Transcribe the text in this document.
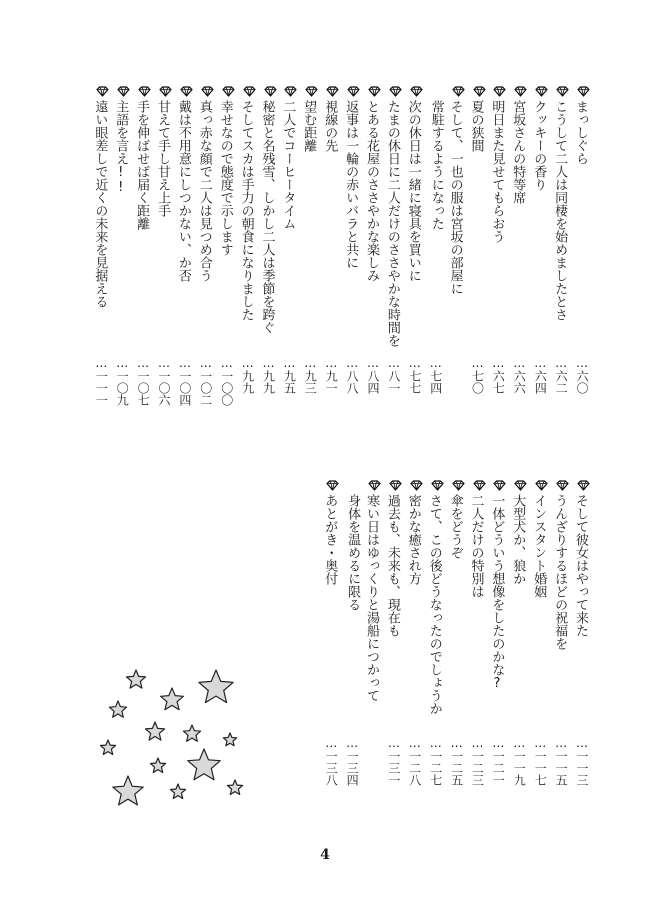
まっしぐら
…六〇
こうして二人は同棲を始めましたとさ
…六二
クッキーの香り
…六四
宮坂さんの特等席
…六六
明日また見せてもらおう
…六七
夏の狭間
…七〇
そして、一也の服は宮坂の部屋に
常駐するようになった
…七四
次の休日は一緒に寝具を買いに
…七七
たまの休日に二人だけのささやかな時間を
…八一
とある花屋のささやかな楽しみ
…八四
返事は一輪の赤いバラと共に
…八八
視線の先
…九一
望む距離
…九三
二人でコーヒータイム
…九五
秘密と名残雪、しかし二人は季節を跨ぐ
…九九
そしてスカは手力の朝食になりました
…九九
幸せなので態度で示します
…一〇〇
真っ赤な顔で二人は見つめ合う
…一〇二
戴は不用意にしつかない、か否
…一〇四
甘えて手し甘え上手
…一〇六
手を伸ばせば届く距離
…一〇七
主語を言え!!
…一〇九
遠い眼差しで近くの未来を見据える
…一一一
そして彼女はやって来た
…一一三
うんざりするほどの祝福を
…一一五
インスタント婚姻
…一一七
大型犬か、狼か
…一一九
一体どういう想像をしたのかな?
…一二一
二人だけの特別は
…一二三
傘をどうぞ
…一二五
さて、この後どうなったのでしょうか
…一二七
密かな癒され方
…一二八
過去も、未来も、現在も
…一三一
寒い日はゆっくりと湯船につかって
身体を温めるに限る
…一三四
あとがき・奥付
…一三八
4
